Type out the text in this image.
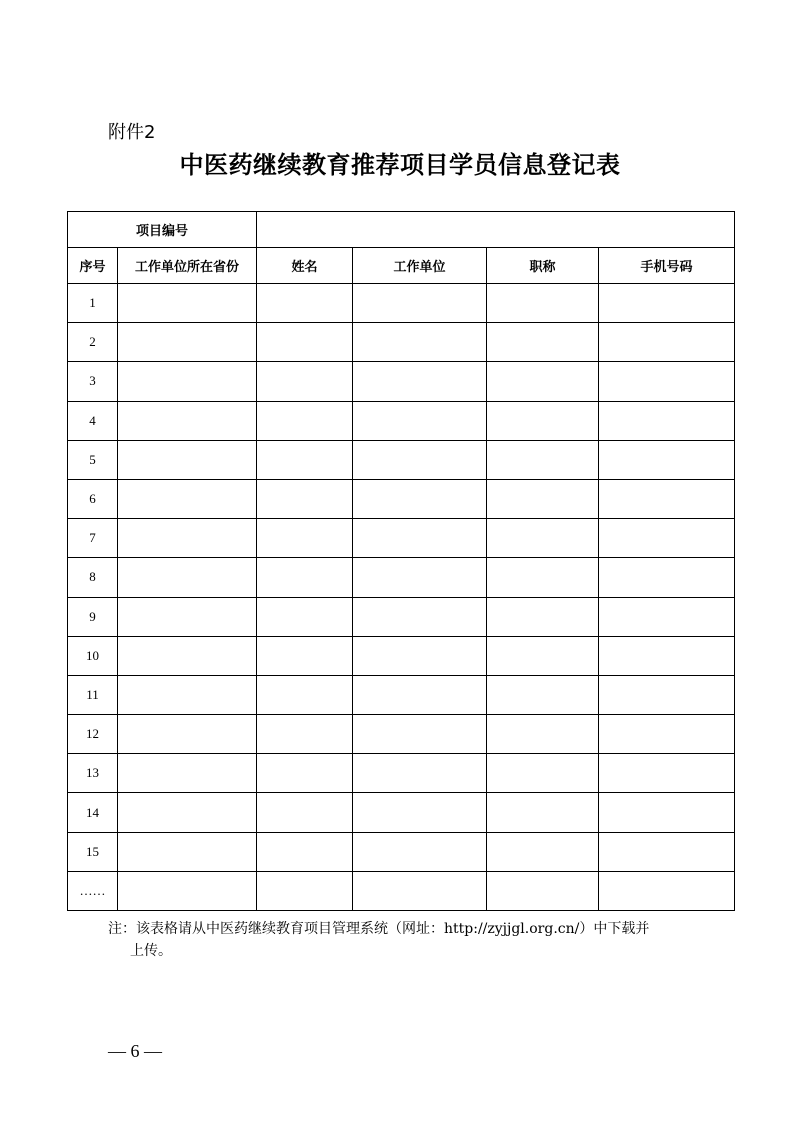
附件2
中医药继续教育推荐项目学员信息登记表
项目编号					
序号	工作单位所在省份	姓名	工作单位	职称	手机号码
1					
2					
3					
4					
5					
6					
7					
8					
9					
10					
11					
12					
13					
14					
15					
……					
注：该表格请从中医药继续教育项目管理系统（网址：http://zyjjgl.org.cn/）中下载并
上传。
— 6 —
